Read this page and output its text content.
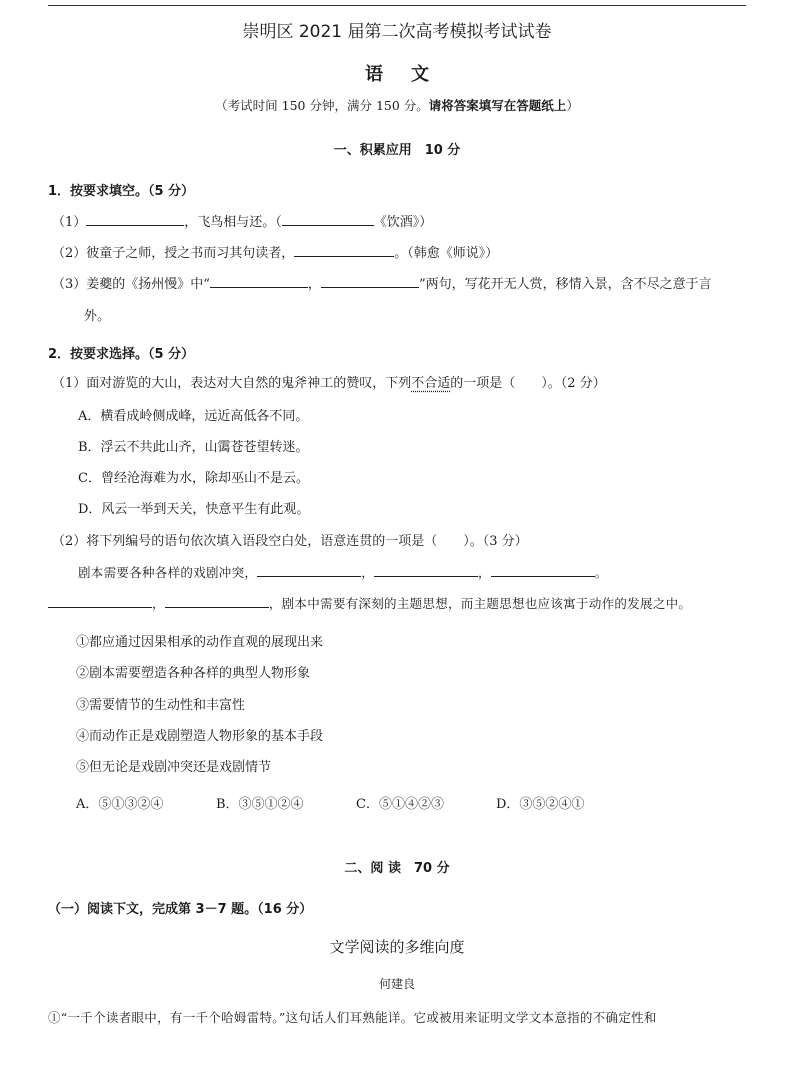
崇明区 2021 届第二次高考模拟考试试卷
语文
（考试时间 150 分钟，满分 150 分。请将答案填写在答题纸上）
一、积累应用　10 分
1．按要求填空。（5 分）
（1）	，飞鸟相与还。（	《饮酒》）
（2）彼童子之师，授之书而习其句读者，	。（韩愈《师说》）
（3）姜夔的《扬州慢》中“	，	”两句，写花开无人赏，移情入景，含不尽之意于言
外。
2．按要求选择。（5 分）
（1）面对游览的大山，表达对大自然的鬼斧神工的赞叹，下列不合适的一项是（　　）。（2 分）
A．横看成岭侧成峰，远近高低各不同。
B．浮云不共此山齐，山霭苍苍望转迷。
C．曾经沧海难为水，除却巫山不是云。
D．风云一举到天关，快意平生有此观。
（2）将下列编号的语句依次填入语段空白处，语意连贯的一项是（　　）。（3 分）
剧本需要各种各样的戏剧冲突，	，	，	。
，	，剧本中需要有深刻的主题思想，而主题思想也应该寓于动作的发展之中。
①都应通过因果相承的动作直观的展现出来
②剧本需要塑造各种各样的典型人物形象
③需要情节的生动性和丰富性
④而动作正是戏剧塑造人物形象的基本手段
⑤但无论是戏剧冲突还是戏剧情节
A．⑤①③②④	B．③⑤①②④	C．⑤①④②③	D．③⑤②④①
二、阅 读　70 分
（一）阅读下文，完成第 3－7 题。（16 分）
文学阅读的多维向度
何建良
①“一千个读者眼中，有一千个哈姆雷特。”这句话人们耳熟能详。它或被用来证明文学文本意指的不确定性和
